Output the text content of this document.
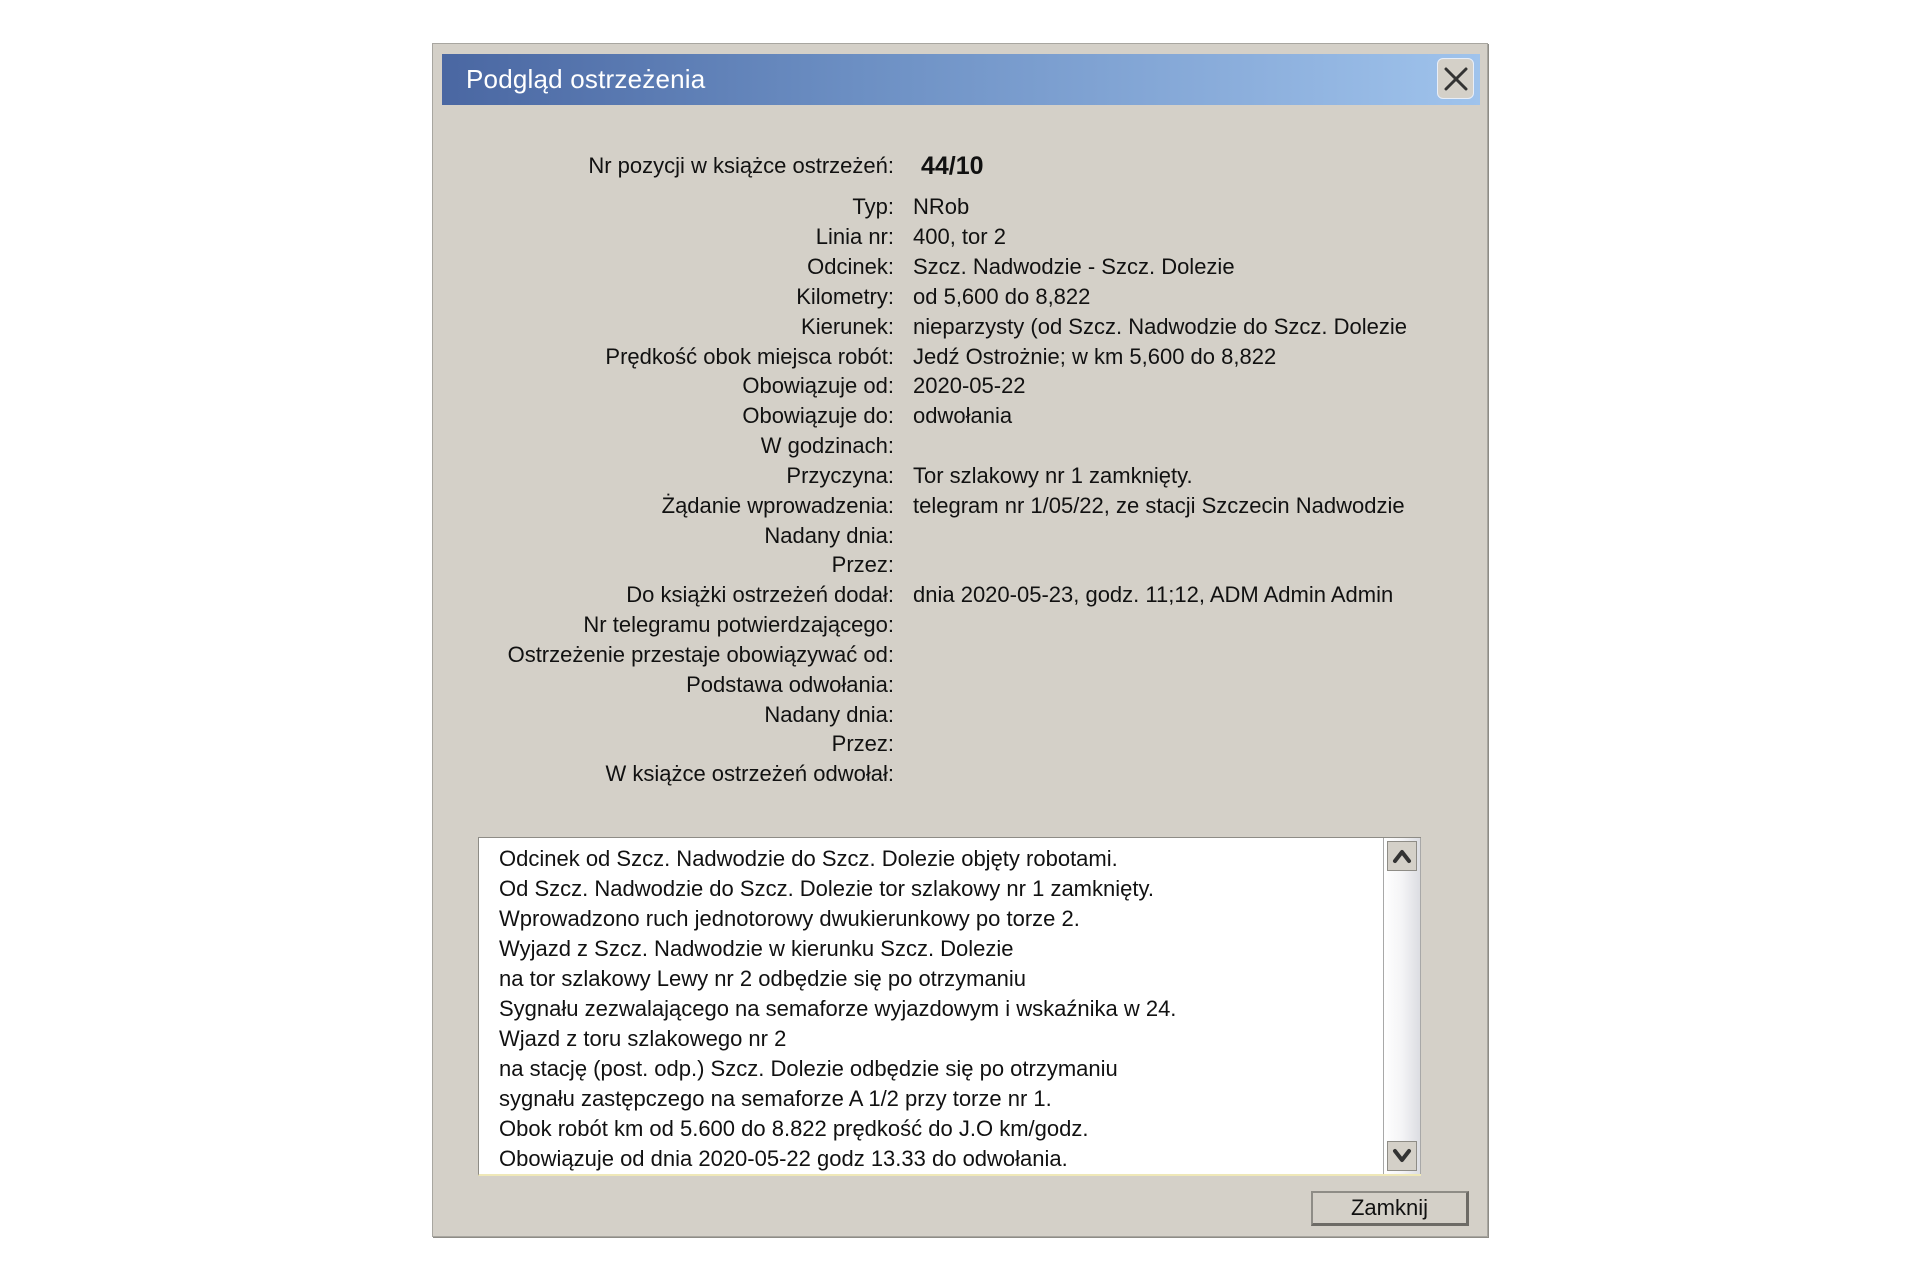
Podgląd ostrzeżenia
Nr pozycji w książce ostrzeżeń: 44/10
Typ: NRob
Linia nr: 400, tor 2
Odcinek: Szcz. Nadwodzie - Szcz. Dolezie
Kilometry: od 5,600 do 8,822
Kierunek: nieparzysty (od Szcz. Nadwodzie do Szcz. Dolezie
Prędkość obok miejsca robót: Jedź Ostrożnie; w km 5,600 do 8,822
Obowiązuje od: 2020-05-22
Obowiązuje do: odwołania
W godzinach:
Przyczyna: Tor szlakowy nr 1 zamknięty.
Żądanie wprowadzenia: telegram nr 1/05/22, ze stacji Szczecin Nadwodzie
Nadany dnia:
Przez:
Do książki ostrzeżeń dodał: dnia 2020-05-23, godz. 11;12, ADM Admin Admin
Nr telegramu potwierdzającego:
Ostrzeżenie przestaje obowiązywać od:
Podstawa odwołania:
Nadany dnia:
Przez:
W książce ostrzeżeń odwołał:
Odcinek od Szcz. Nadwodzie do Szcz. Dolezie objęty robotami.
Od Szcz. Nadwodzie do Szcz. Dolezie tor szlakowy nr 1 zamknięty.
Wprowadzono ruch jednotorowy dwukierunkowy po torze 2.
Wyjazd z Szcz. Nadwodzie w kierunku Szcz. Dolezie
na tor szlakowy Lewy nr 2 odbędzie się po otrzymaniu
Sygnału zezwalającego na semaforze wyjazdowym i wskaźnika w 24.
Wjazd z toru szlakowego nr 2
na stację (post. odp.) Szcz. Dolezie odbędzie się po otrzymaniu
sygnału zastępczego na semaforze A 1/2 przy torze nr 1.
Obok robót km od 5.600 do 8.822 prędkość do J.O km/godz.
Obowiązuje od dnia 2020-05-22 godz 13.33 do odwołania.
Zamknij
